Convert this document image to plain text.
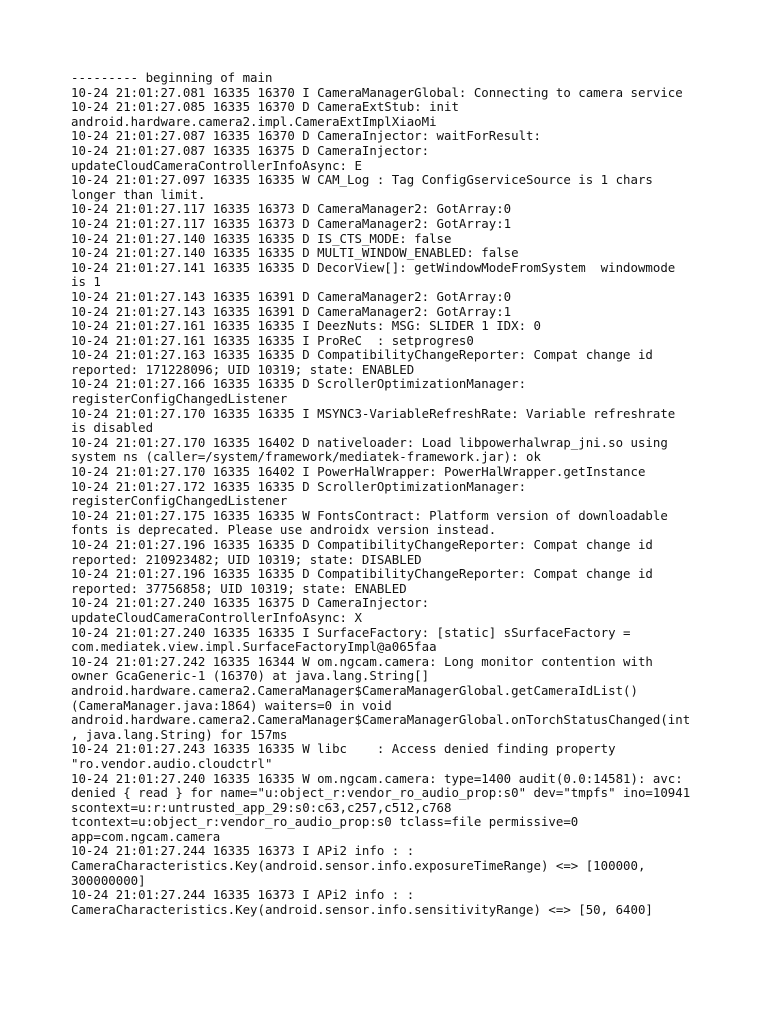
--------- beginning of main
10-24 21:01:27.081 16335 16370 I CameraManagerGlobal: Connecting to camera service
10-24 21:01:27.085 16335 16370 D CameraExtStub: init
android.hardware.camera2.impl.CameraExtImplXiaoMi
10-24 21:01:27.087 16335 16370 D CameraInjector: waitForResult:
10-24 21:01:27.087 16335 16375 D CameraInjector:
updateCloudCameraControllerInfoAsync: E
10-24 21:01:27.097 16335 16335 W CAM_Log : Tag ConfigGserviceSource is 1 chars
longer than limit.
10-24 21:01:27.117 16335 16373 D CameraManager2: GotArray:0
10-24 21:01:27.117 16335 16373 D CameraManager2: GotArray:1
10-24 21:01:27.140 16335 16335 D IS_CTS_MODE: false
10-24 21:01:27.140 16335 16335 D MULTI_WINDOW_ENABLED: false
10-24 21:01:27.141 16335 16335 D DecorView[]: getWindowModeFromSystem  windowmode
is 1
10-24 21:01:27.143 16335 16391 D CameraManager2: GotArray:0
10-24 21:01:27.143 16335 16391 D CameraManager2: GotArray:1
10-24 21:01:27.161 16335 16335 I DeezNuts: MSG: SLIDER 1 IDX: 0
10-24 21:01:27.161 16335 16335 I ProReC  : setprogres0
10-24 21:01:27.163 16335 16335 D CompatibilityChangeReporter: Compat change id
reported: 171228096; UID 10319; state: ENABLED
10-24 21:01:27.166 16335 16335 D ScrollerOptimizationManager:
registerConfigChangedListener
10-24 21:01:27.170 16335 16335 I MSYNC3-VariableRefreshRate: Variable refreshrate
is disabled
10-24 21:01:27.170 16335 16402 D nativeloader: Load libpowerhalwrap_jni.so using
system ns (caller=/system/framework/mediatek-framework.jar): ok
10-24 21:01:27.170 16335 16402 I PowerHalWrapper: PowerHalWrapper.getInstance
10-24 21:01:27.172 16335 16335 D ScrollerOptimizationManager:
registerConfigChangedListener
10-24 21:01:27.175 16335 16335 W FontsContract: Platform version of downloadable
fonts is deprecated. Please use androidx version instead.
10-24 21:01:27.196 16335 16335 D CompatibilityChangeReporter: Compat change id
reported: 210923482; UID 10319; state: DISABLED
10-24 21:01:27.196 16335 16335 D CompatibilityChangeReporter: Compat change id
reported: 37756858; UID 10319; state: ENABLED
10-24 21:01:27.240 16335 16375 D CameraInjector:
updateCloudCameraControllerInfoAsync: X
10-24 21:01:27.240 16335 16335 I SurfaceFactory: [static] sSurfaceFactory =
com.mediatek.view.impl.SurfaceFactoryImpl@a065faa
10-24 21:01:27.242 16335 16344 W om.ngcam.camera: Long monitor contention with
owner GcaGeneric-1 (16370) at java.lang.String[]
android.hardware.camera2.CameraManager$CameraManagerGlobal.getCameraIdList()
(CameraManager.java:1864) waiters=0 in void
android.hardware.camera2.CameraManager$CameraManagerGlobal.onTorchStatusChanged(int
, java.lang.String) for 157ms
10-24 21:01:27.243 16335 16335 W libc    : Access denied finding property
"ro.vendor.audio.cloudctrl"
10-24 21:01:27.240 16335 16335 W om.ngcam.camera: type=1400 audit(0.0:14581): avc:
denied { read } for name="u:object_r:vendor_ro_audio_prop:s0" dev="tmpfs" ino=10941
scontext=u:r:untrusted_app_29:s0:c63,c257,c512,c768
tcontext=u:object_r:vendor_ro_audio_prop:s0 tclass=file permissive=0
app=com.ngcam.camera
10-24 21:01:27.244 16335 16373 I APi2 info : :
CameraCharacteristics.Key(android.sensor.info.exposureTimeRange) <=> [100000,
300000000]
10-24 21:01:27.244 16335 16373 I APi2 info : :
CameraCharacteristics.Key(android.sensor.info.sensitivityRange) <=> [50, 6400]
